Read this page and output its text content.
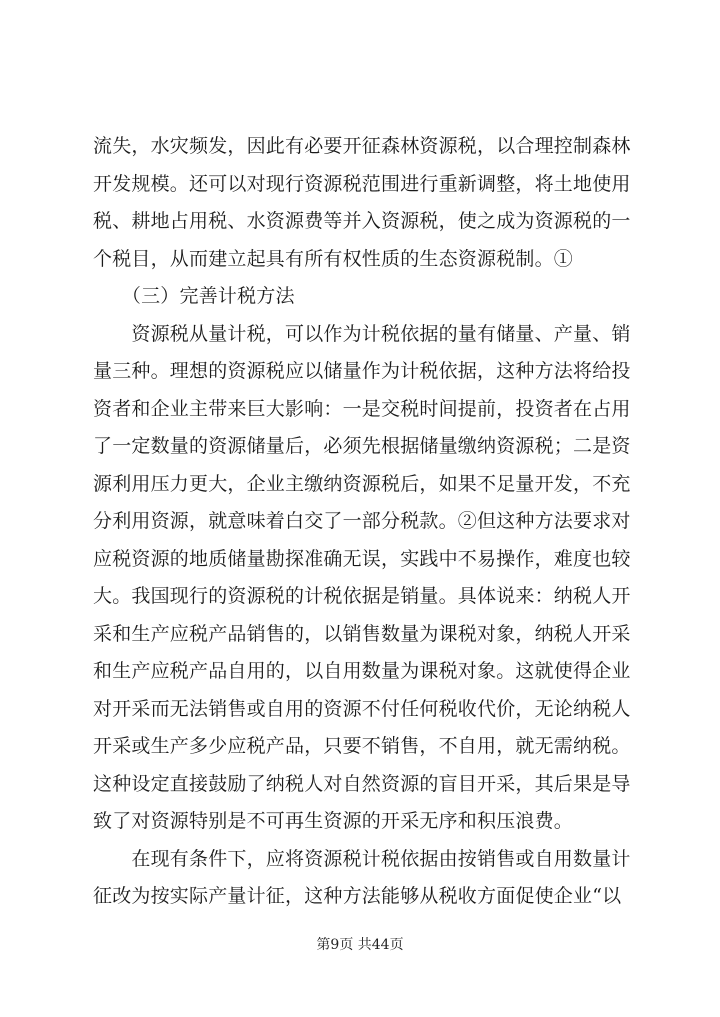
流失，水灾频发，因此有必要开征森林资源税，以合理控制森林
开发规模。还可以对现行资源税范围进行重新调整，将土地使用
税、耕地占用税、水资源费等并入资源税，使之成为资源税的一
个税目，从而建立起具有所有权性质的生态资源税制。①
　　（三）完善计税方法
　　资源税从量计税，可以作为计税依据的量有储量、产量、销
量三种。理想的资源税应以储量作为计税依据，这种方法将给投
资者和企业主带来巨大影响：一是交税时间提前，投资者在占用
了一定数量的资源储量后，必须先根据储量缴纳资源税；二是资
源利用压力更大，企业主缴纳资源税后，如果不足量开发，不充
分利用资源，就意味着白交了一部分税款。②但这种方法要求对
应税资源的地质储量勘探准确无误，实践中不易操作，难度也较
大。我国现行的资源税的计税依据是销量。具体说来：纳税人开
采和生产应税产品销售的，以销售数量为课税对象，纳税人开采
和生产应税产品自用的，以自用数量为课税对象。这就使得企业
对开采而无法销售或自用的资源不付任何税收代价，无论纳税人
开采或生产多少应税产品，只要不销售，不自用，就无需纳税。
这种设定直接鼓励了纳税人对自然资源的盲目开采，其后果是导
致了对资源特别是不可再生资源的开采无序和积压浪费。
　　在现有条件下，应将资源税计税依据由按销售或自用数量计
征改为按实际产量计征，这种方法能够从税收方面促使企业“以
第9页 共44页
